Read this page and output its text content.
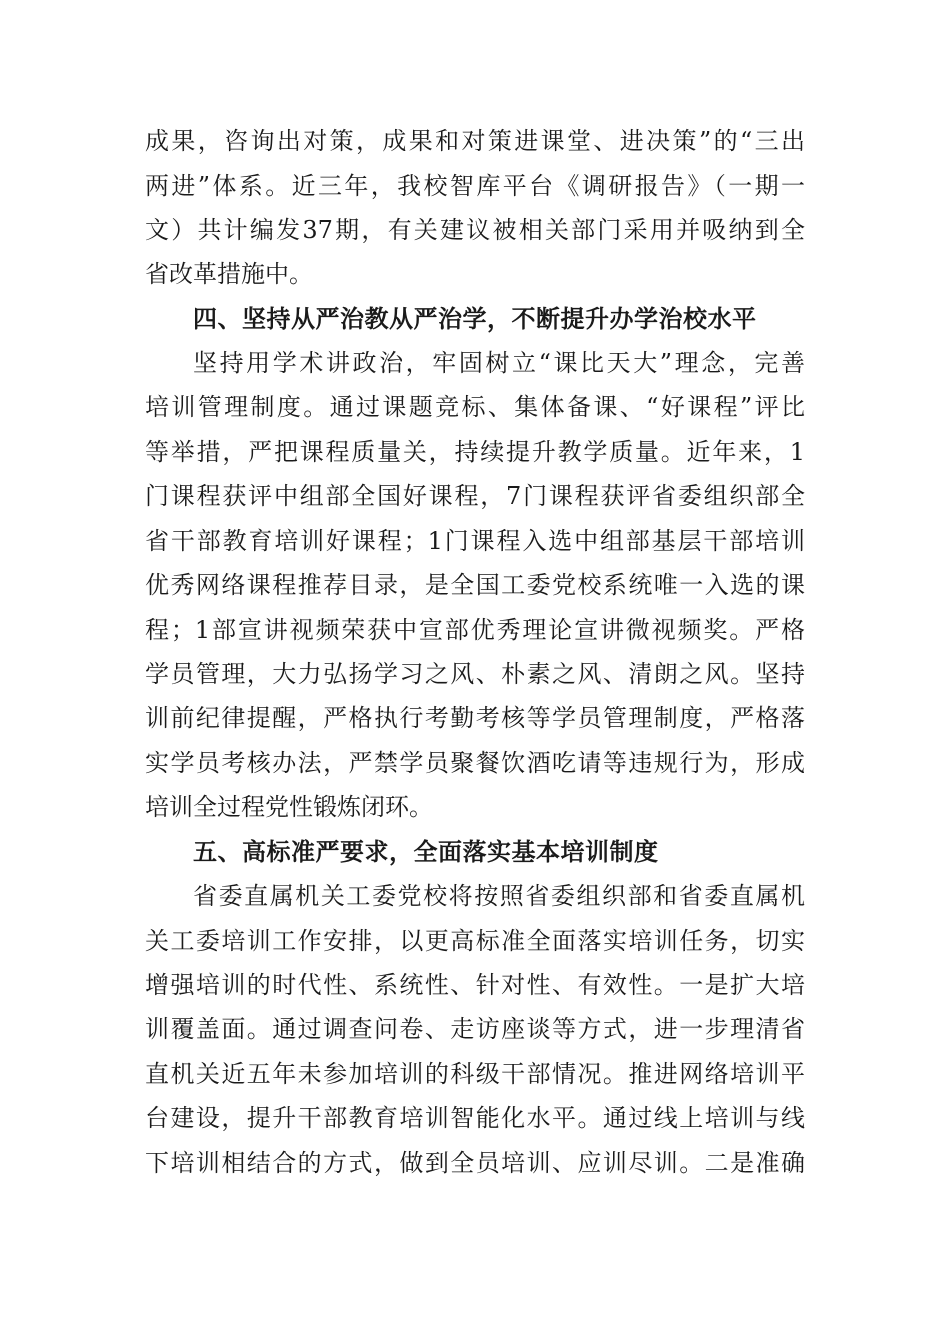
成果，咨询出对策，成果和对策进课堂、进决策”的“三出
两进”体系。近三年，我校智库平台《调研报告》（一期一
文）共计编发37期，有关建议被相关部门采用并吸纳到全
省改革措施中。
四、坚持从严治教从严治学，不断提升办学治校水平
坚持用学术讲政治，牢固树立“课比天大”理念，完善
培训管理制度。通过课题竞标、集体备课、“好课程”评比
等举措，严把课程质量关，持续提升教学质量。近年来，1
门课程获评中组部全国好课程，7门课程获评省委组织部全
省干部教育培训好课程；1门课程入选中组部基层干部培训
优秀网络课程推荐目录，是全国工委党校系统唯一入选的课
程；1部宣讲视频荣获中宣部优秀理论宣讲微视频奖。严格
学员管理，大力弘扬学习之风、朴素之风、清朗之风。坚持
训前纪律提醒，严格执行考勤考核等学员管理制度，严格落
实学员考核办法，严禁学员聚餐饮酒吃请等违规行为，形成
培训全过程党性锻炼闭环。
五、高标准严要求，全面落实基本培训制度
省委直属机关工委党校将按照省委组织部和省委直属机
关工委培训工作安排，以更高标准全面落实培训任务，切实
增强培训的时代性、系统性、针对性、有效性。一是扩大培
训覆盖面。通过调查问卷、走访座谈等方式，进一步理清省
直机关近五年未参加培训的科级干部情况。推进网络培训平
台建设，提升干部教育培训智能化水平。通过线上培训与线
下培训相结合的方式，做到全员培训、应训尽训。二是准确
